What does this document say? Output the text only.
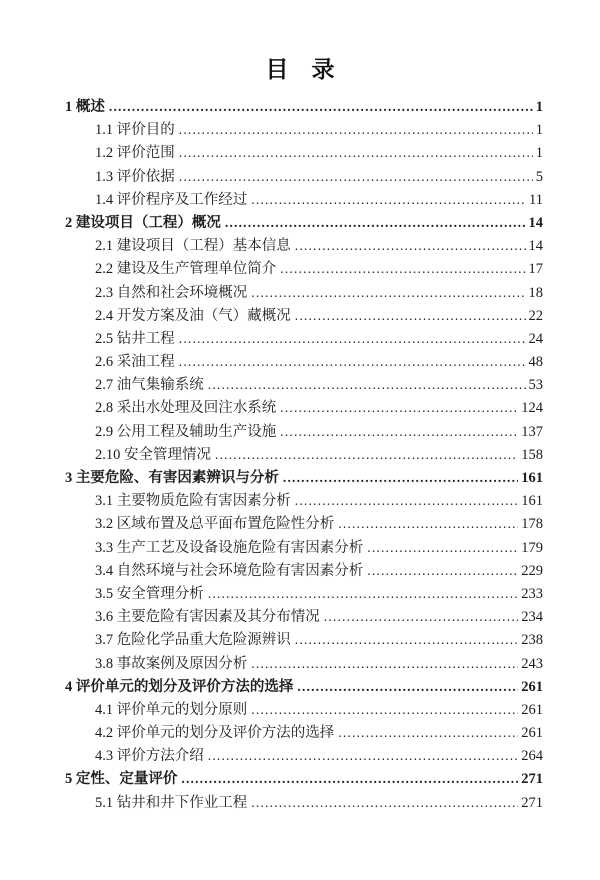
目　录
1 概述 .....	1
1.1 评价目的 .....	1
1.2 评价范围 .....	1
1.3 评价依据 .....	5
1.4 评价程序及工作经过 .....	11
2 建设项目（工程）概况 .....	14
2.1 建设项目（工程）基本信息 .....	14
2.2 建设及生产管理单位简介 .....	17
2.3 自然和社会环境概况 .....	18
2.4 开发方案及油（气）藏概况 .....	22
2.5 钻井工程 .....	24
2.6 采油工程 .....	48
2.7 油气集输系统 .....	53
2.8 采出水处理及回注水系统 .....	124
2.9 公用工程及辅助生产设施 .....	137
2.10 安全管理情况 .....	158
3 主要危险、有害因素辨识与分析 .....	161
3.1 主要物质危险有害因素分析 .....	161
3.2 区域布置及总平面布置危险性分析 .....	178
3.3 生产工艺及设备设施危险有害因素分析 .....	179
3.4 自然环境与社会环境危险有害因素分析 .....	229
3.5 安全管理分析 .....	233
3.6 主要危险有害因素及其分布情况 .....	234
3.7 危险化学品重大危险源辨识 .....	238
3.8 事故案例及原因分析 .....	243
4 评价单元的划分及评价方法的选择 .....	261
4.1 评价单元的划分原则 .....	261
4.2 评价单元的划分及评价方法的选择 .....	261
4.3 评价方法介绍 .....	264
5 定性、定量评价 .....	271
5.1 钻井和井下作业工程 .....	271
